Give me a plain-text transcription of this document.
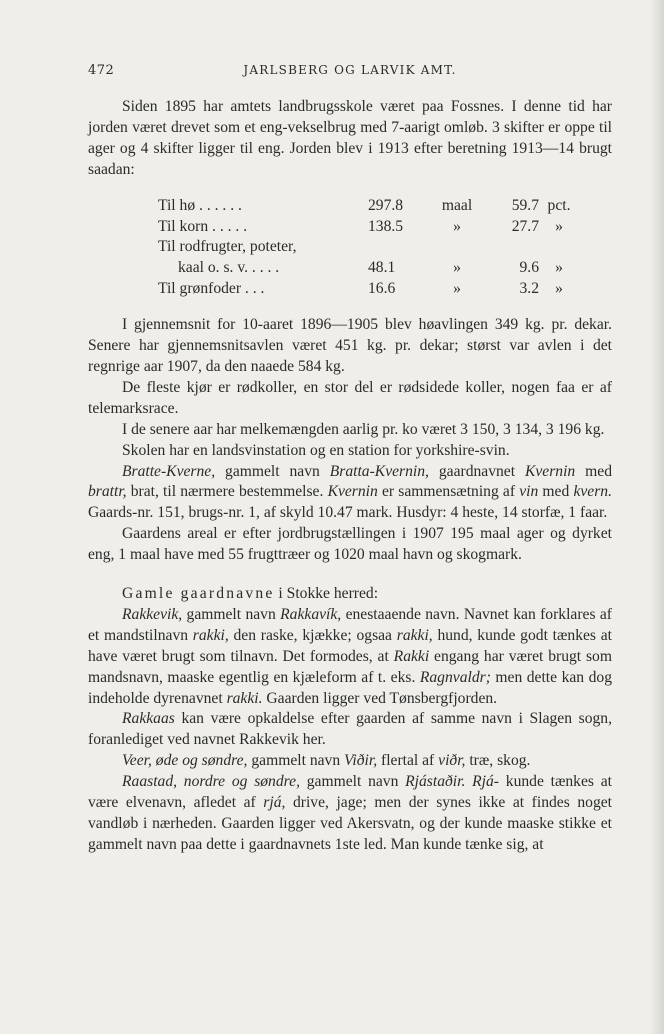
472	JARLSBERG OG LARVIK AMT.

Siden 1895 har amtets landbrugsskole været paa Fossnes. I denne tid har jorden været drevet som et eng-vekselbrug med 7-aarigt omløb. 3 skifter er oppe til ager og 4 skifter ligger til eng. Jorden blev i 1913 efter beretning 1913—14 brugt saadan:

Til hø . . . . . .	297.8	maal	59.7	pct.
Til korn . . . . .	138.5	»	27.7	»
Til rodfrugter, poteter,				
kaal o. s. v. . . . .	48.1	»	9.6	»
Til grønfoder . . .	16.6	»	3.2	»

I gjennemsnit for 10-aaret 1896—1905 blev høavlingen 349 kg. pr. dekar. Senere har gjennemsnitsavlen været 451 kg. pr. dekar; størst var avlen i det regnrige aar 1907, da den naaede 584 kg.

De fleste kjør er rødkoller, en stor del er rødsidede koller, nogen faa er af telemarksrace.

I de senere aar har melkemængden aarlig pr. ko været 3 150, 3 134, 3 196 kg.

Skolen har en landsvinstation og en station for yorkshire-svin.

Bratte-Kverne, gammelt navn Bratta-Kvernin, gaardnavnet Kvernin med brattr, brat, til nærmere bestemmelse. Kvernin er sammensætning af vin med kvern. Gaards-nr. 151, brugs-nr. 1, af skyld 10.47 mark. Husdyr: 4 heste, 14 storfæ, 1 faar.

Gaardens areal er efter jordbrugstællingen i 1907 195 maal ager og dyrket eng, 1 maal have med 55 frugttræer og 1020 maal havn og skogmark.

Gamle gaardnavne i Stokke herred:

Rakkevik, gammelt navn Rakkavík, enestaaende navn. Navnet kan forklares af et mandstilnavn rakki, den raske, kjække; ogsaa rakki, hund, kunde godt tænkes at have været brugt som tilnavn. Det formodes, at Rakki engang har været brugt som mandsnavn, maaske egentlig en kjæleform af t. eks. Ragnvaldr; men dette kan dog indeholde dyrenavnet rakki. Gaarden ligger ved Tønsbergfjorden.

Rakkaas kan være opkaldelse efter gaarden af samme navn i Slagen sogn, foranlediget ved navnet Rakkevik her.

Veer, øde og søndre, gammelt navn Viðir, flertal af viðr, træ, skog.

Raastad, nordre og søndre, gammelt navn Rjástaðir. Rjá- kunde tænkes at være elvenavn, afledet af rjá, drive, jage; men der synes ikke at findes noget vandløb i nærheden. Gaarden ligger ved Akersvatn, og der kunde maaske stikke et gammelt navn paa dette i gaardnavnets 1ste led. Man kunde tænke sig, at
